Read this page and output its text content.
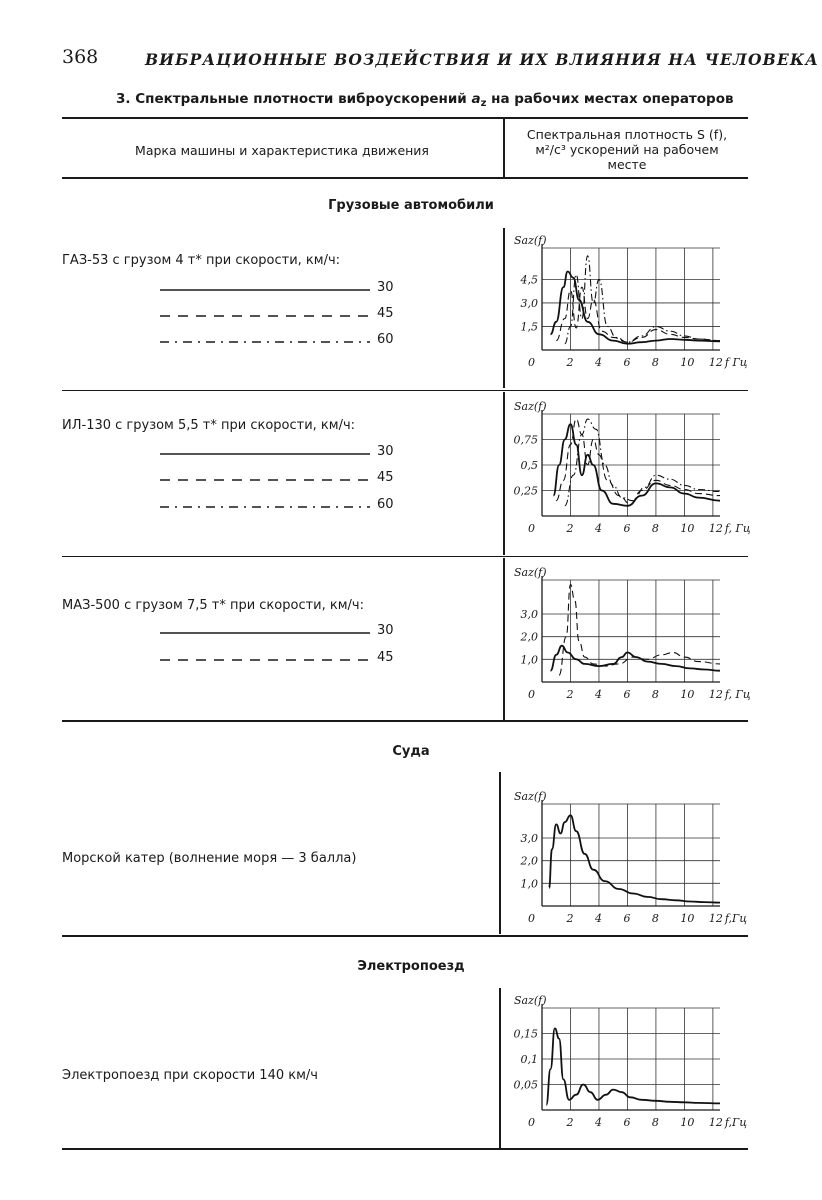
368	ВИБРАЦИОННЫЕ ВОЗДЕЙСТВИЯ И ИХ ВЛИЯНИЯ НА ЧЕЛОВЕКА
3. Спектральные плотности виброускорений $a_z$ на рабочих местах операторов
Марка машины и характеристика движения
Спектральная плотность S (f),
м²/с³ ускорений на рабочем
месте
Грузовые автомобили
ГАЗ-53 с грузом 4 т* при скорости, км/ч:
30
45
60
Saz(f)
0	2 4 6 8 10 12 f Гц
1,5
3,0
4,5
ИЛ-130 с грузом 5,5 т* при скорости, км/ч:
30
45
60
Saz(f)
0	2 4 6 8 10 12 f, Гц
0,25
0,5
0,75
МАЗ-500 с грузом 7,5 т* при скорости, км/ч:
30
45
Saz(f)
0	2 4 6 8 10 12 f, Гц
1,0
2,0
3,0
Суда
Морской катер (волнение моря — 3 балла)
Saz(f)
0	2 4 6 8 10 12 f,Гц
1,0
2,0
3,0
Электропоезд
Электропоезд при скорости 140 км/ч
Saz(f)
0	2 4 6 8 10 12 f,Гц
0,05
0,1
0,15
